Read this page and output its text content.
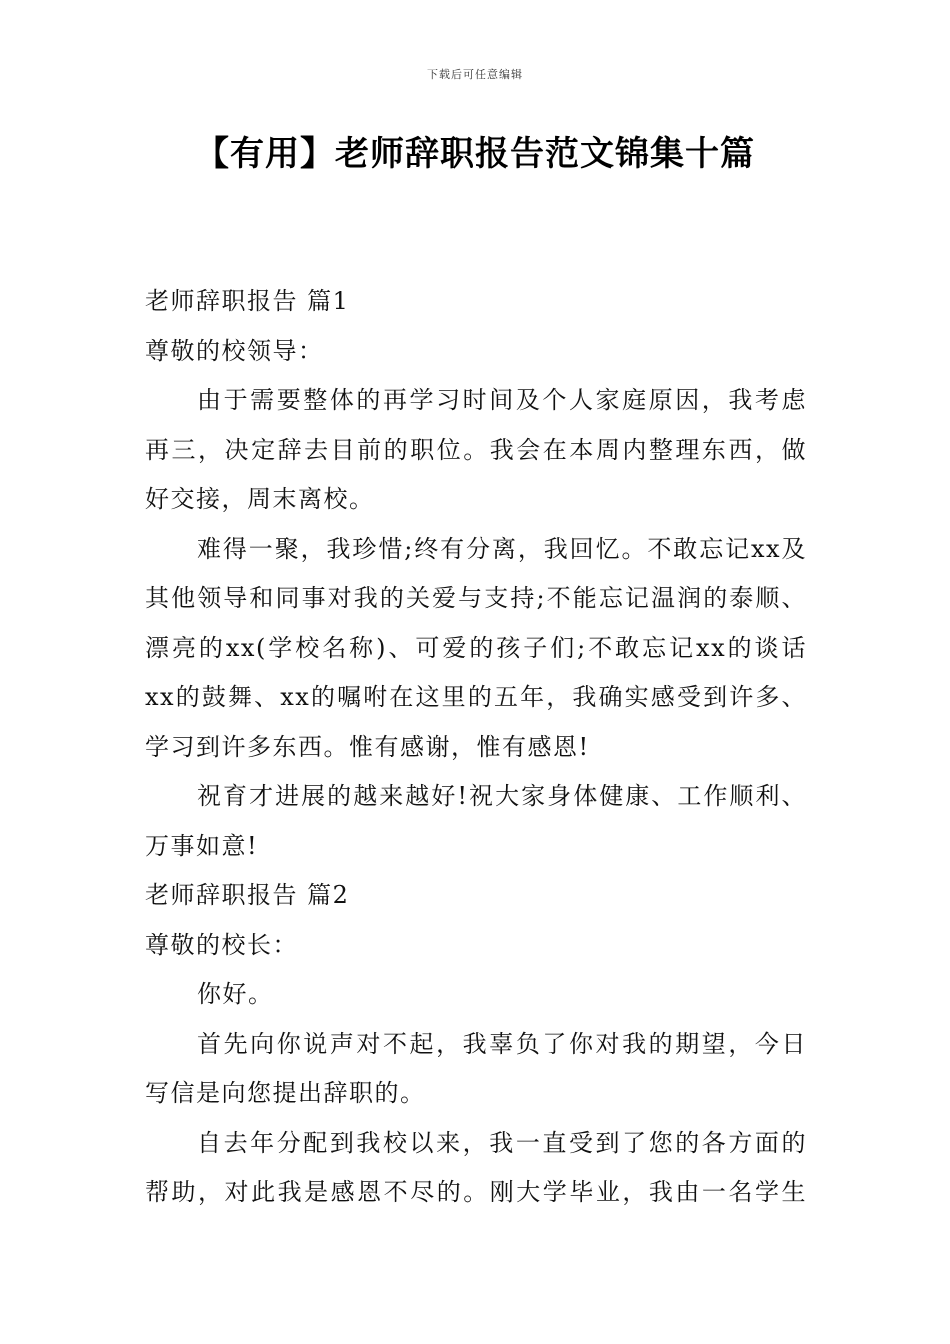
下载后可任意编辑
【有用】老师辞职报告范文锦集十篇

老师辞职报告 篇1

尊敬的校领导：

由于需要整体的再学习时间及个人家庭原因，我考虑

再三，决定辞去目前的职位。我会在本周内整理东西，做

好交接，周末离校。

难得一聚，我珍惜;终有分离，我回忆。不敢忘记xx及

其他领导和同事对我的关爱与支持;不能忘记温润的泰顺、

漂亮的xx(学校名称)、可爱的孩子们;不敢忘记xx的谈话

xx的鼓舞、xx的嘱咐在这里的五年，我确实感受到许多、

学习到许多东西。惟有感谢，惟有感恩!

祝育才进展的越来越好!祝大家身体健康、工作顺利、

万事如意!

老师辞职报告 篇2

尊敬的校长：

你好。

首先向你说声对不起，我辜负了你对我的期望，今日

写信是向您提出辞职的。

自去年分配到我校以来，我一直受到了您的各方面的

帮助，对此我是感恩不尽的。刚大学毕业，我由一名学生
